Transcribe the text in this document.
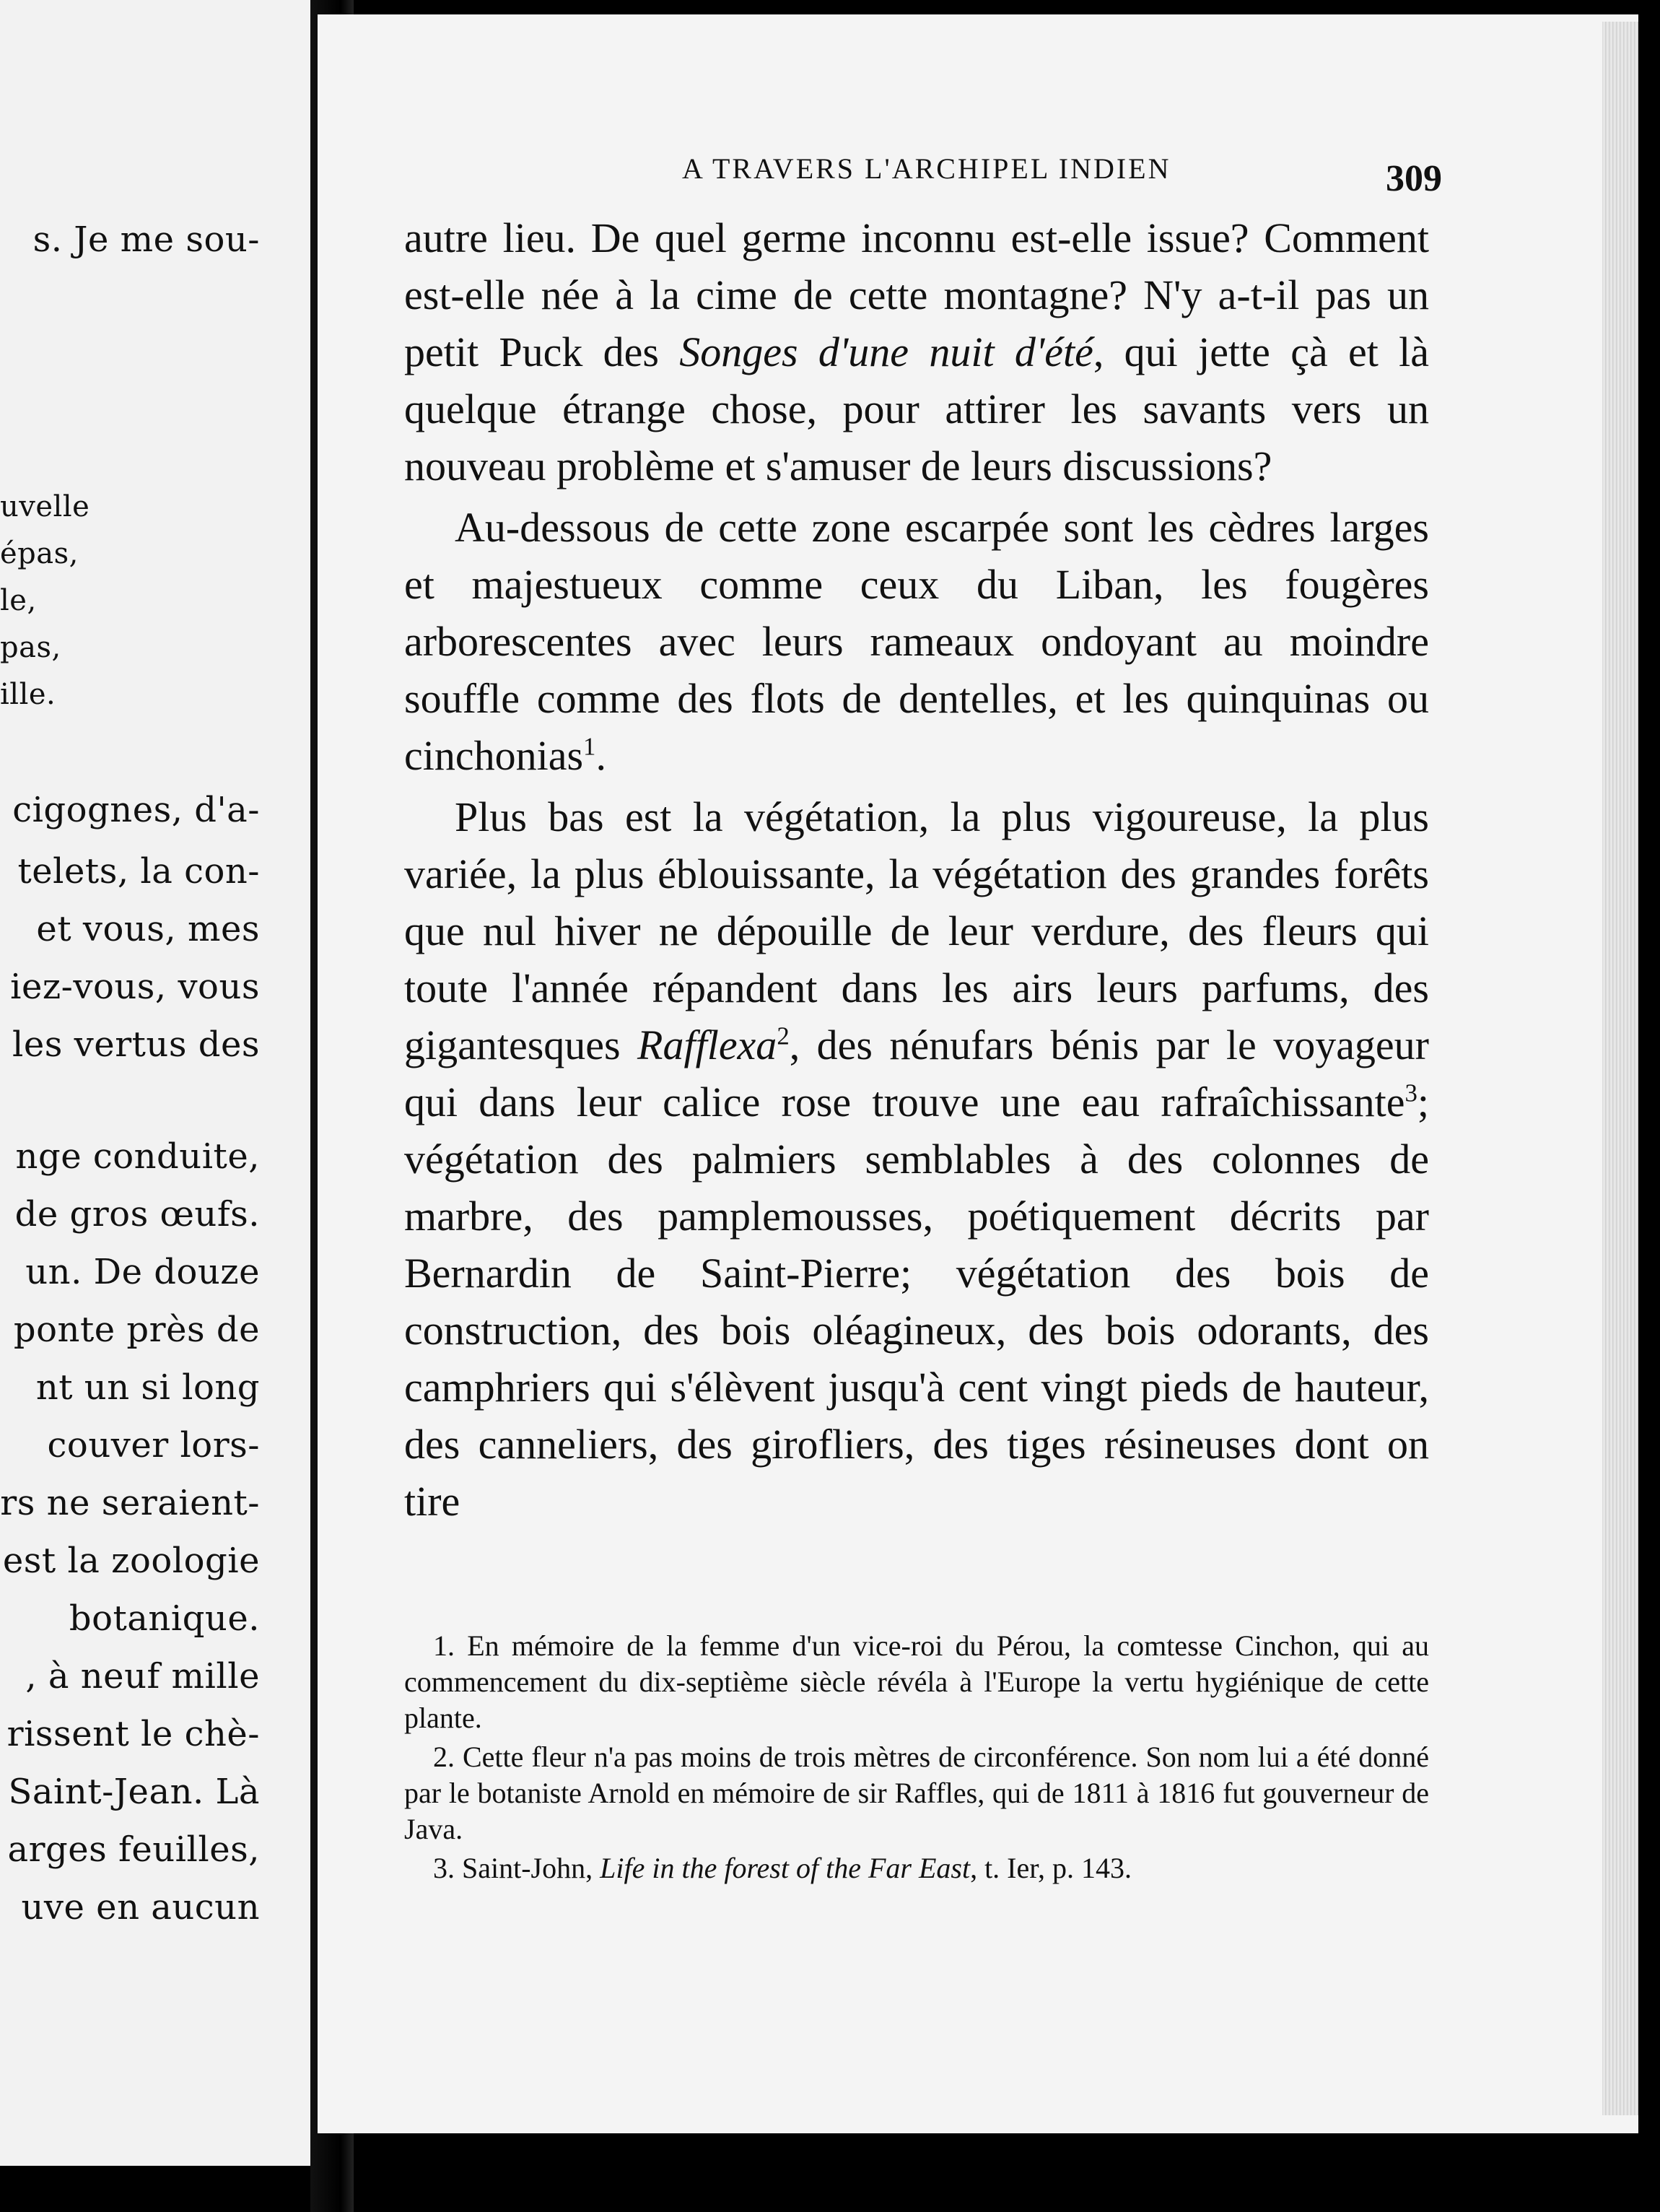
s. Je me sou-
uvelle
épas,
le,
pas,
ille.
cigognes, d'a-
telets, la con-
et vous, mes
iez-vous, vous
les vertus des
nge conduite,
de gros œufs.
un. De douze
ponte près de
nt un si long
couver lors-
rs ne seraient-
est la zoologie
botanique.
, à neuf mille
rissent le chè-
Saint-Jean. Là
arges feuilles,
uve en aucun
A TRAVERS L'ARCHIPEL INDIEN	309

autre lieu. De quel germe inconnu est-elle issue? Comment est-elle née à la cime de cette montagne? N'y a-t-il pas un petit Puck des Songes d'une nuit d'été, qui jette çà et là quelque étrange chose, pour attirer les savants vers un nouveau problème et s'amuser de leurs discussions?

Au-dessous de cette zone escarpée sont les cèdres larges et majestueux comme ceux du Liban, les fougères arborescentes avec leurs rameaux ondoyant au moindre souffle comme des flots de dentelles, et les quinquinas ou cinchonias$^1$.

Plus bas est la végétation, la plus vigoureuse, la plus variée, la plus éblouissante, la végétation des grandes forêts que nul hiver ne dépouille de leur verdure, des fleurs qui toute l'année répandent dans les airs leurs parfums, des gigantesques Rafflexa$^2$, des nénufars bénis par le voyageur qui dans leur calice rose trouve une eau rafraîchissante$^3$; végétation des palmiers semblables à des colonnes de marbre, des pamplemousses, poétiquement décrits par Bernardin de Saint-Pierre; végétation des bois de construction, des bois oléagineux, des bois odorants, des camphriers qui s'élèvent jusqu'à cent vingt pieds de hauteur, des canneliers, des girofliers, des tiges résineuses dont on tire

1. En mémoire de la femme d'un vice-roi du Pérou, la comtesse Cinchon, qui au commencement du dix-septième siècle révéla à l'Europe la vertu hygiénique de cette plante.

2. Cette fleur n'a pas moins de trois mètres de circonférence. Son nom lui a été donné par le botaniste Arnold en mémoire de sir Raffles, qui de 1811 à 1816 fut gouverneur de Java.

3. Saint-John, Life in the forest of the Far East, t. Ier, p. 143.
